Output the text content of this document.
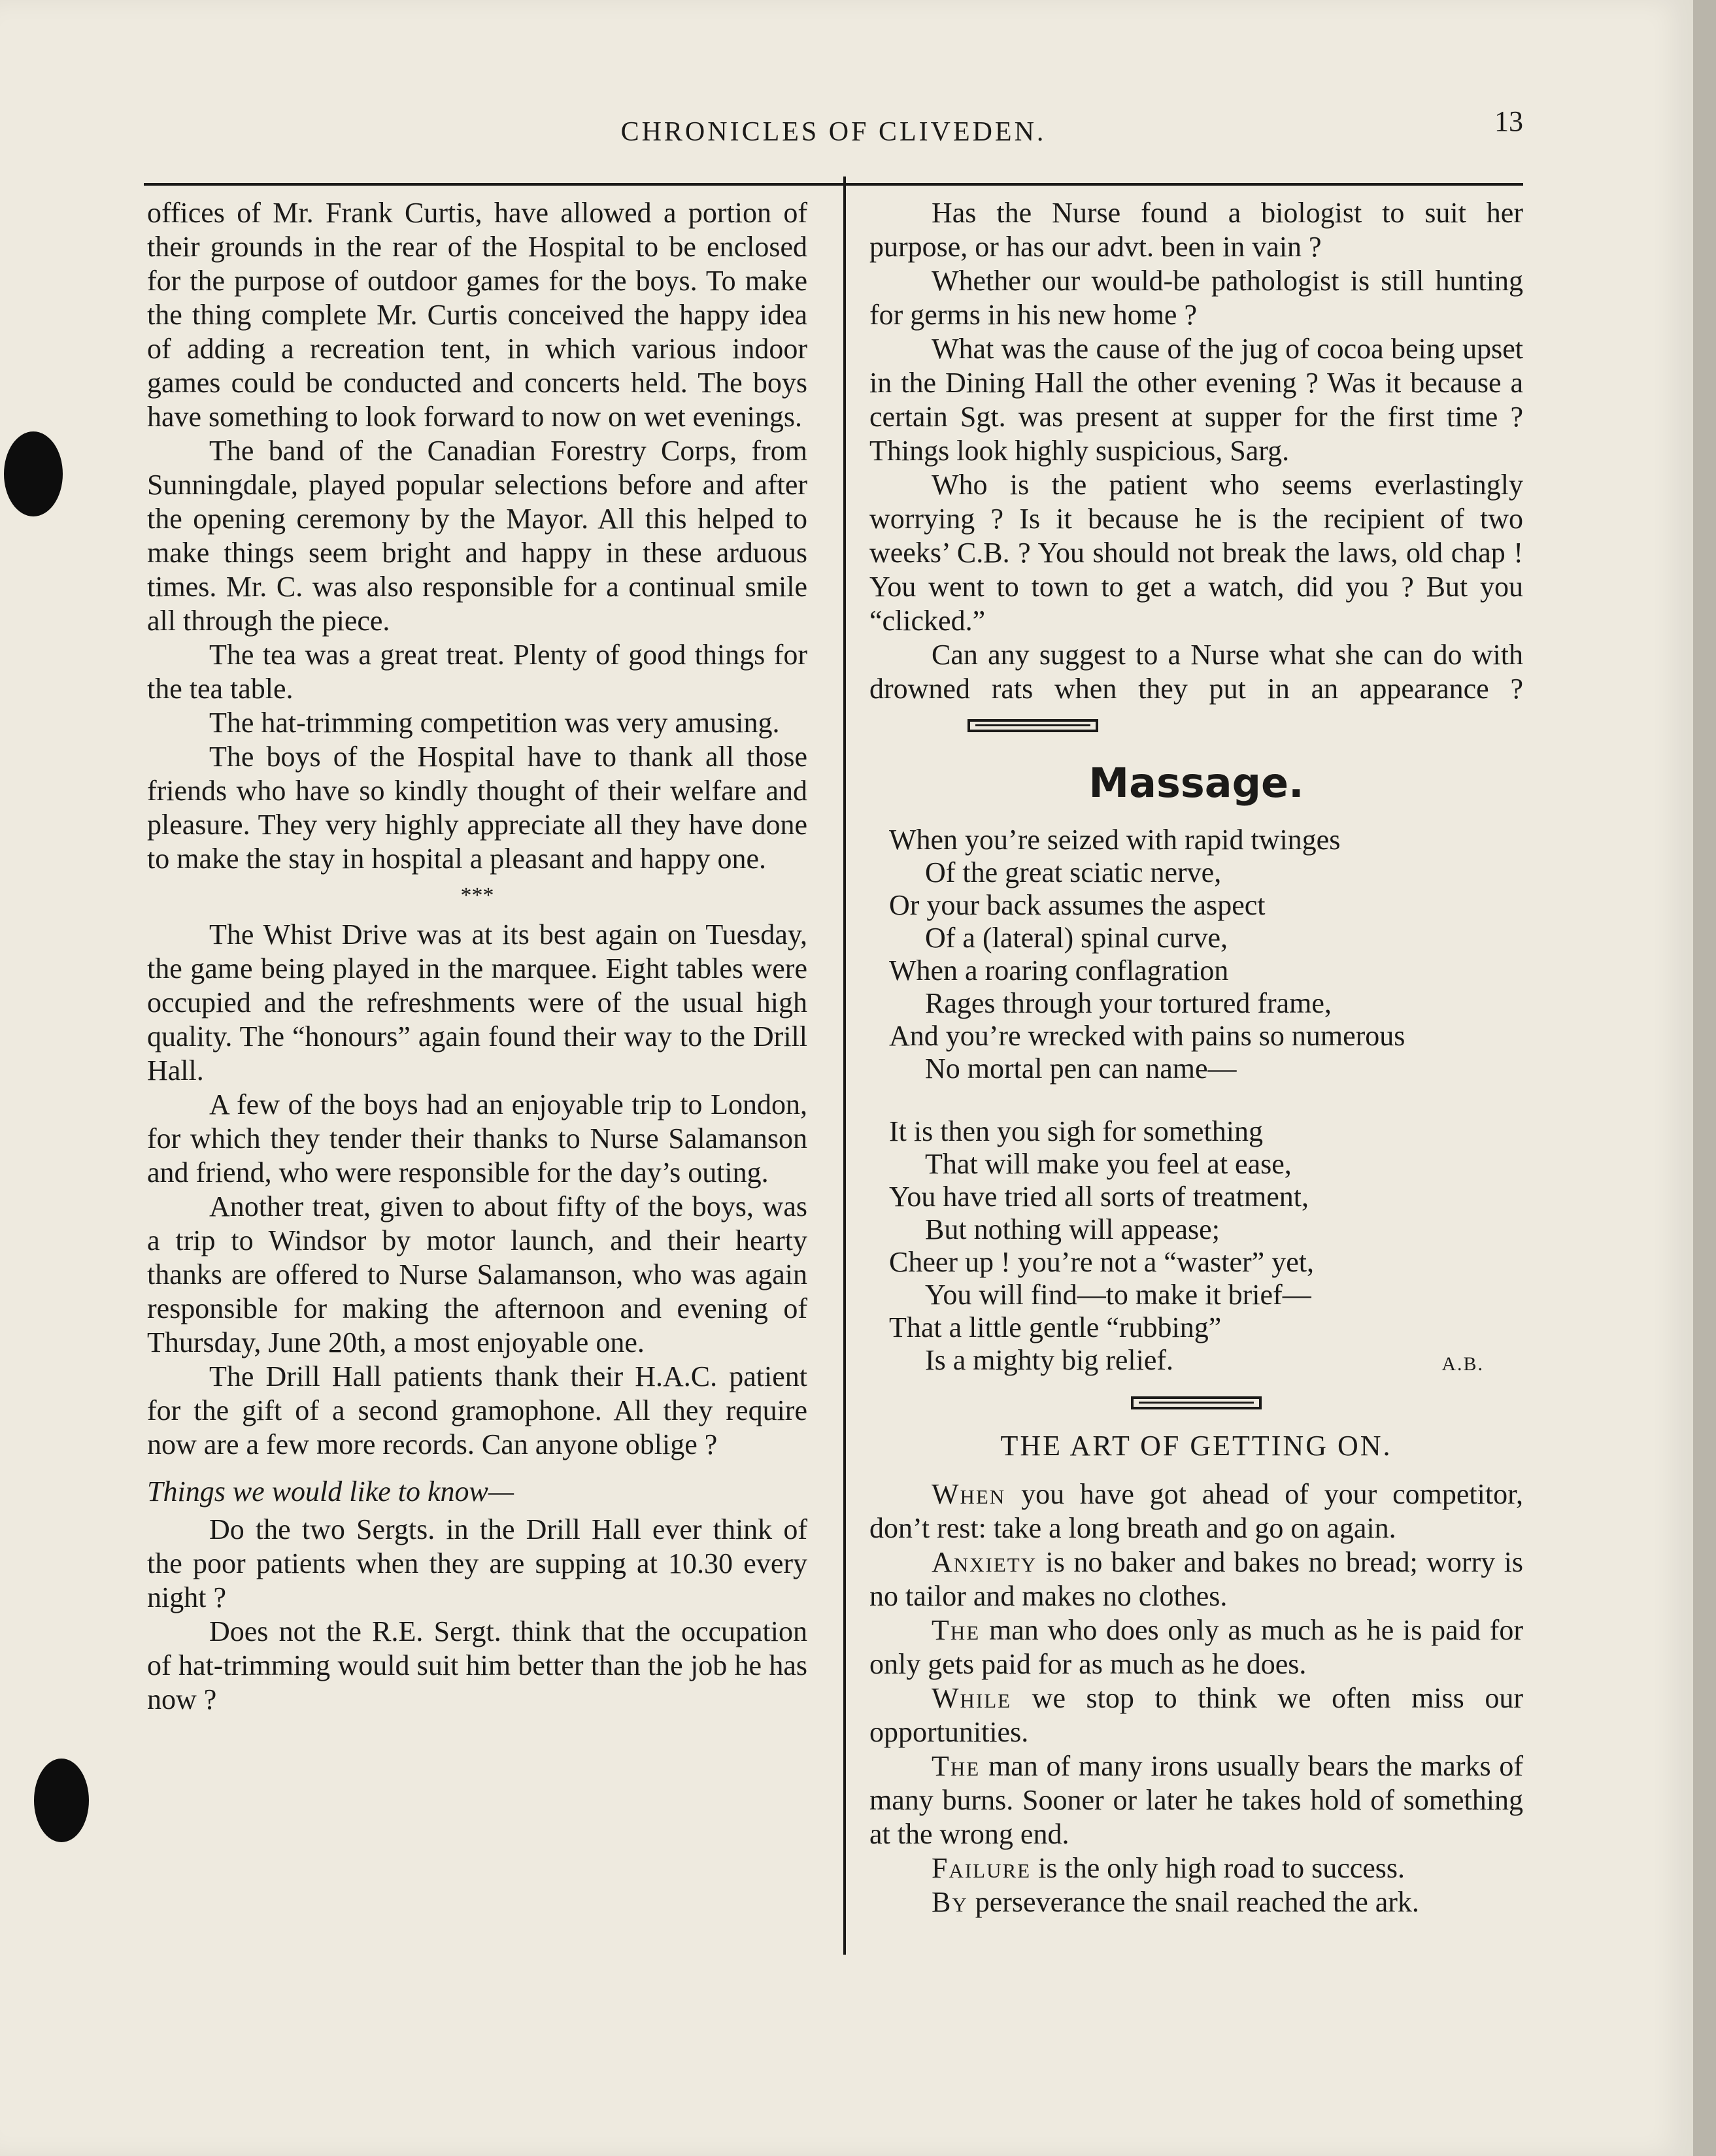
CHRONICLES OF CLIVEDEN.	13

offices of Mr. Frank Curtis, have allowed a portion of their grounds in the rear of the Hospital to be enclosed for the purpose of outdoor games for the boys. To make the thing complete Mr. Curtis conceived the happy idea of adding a recreation tent, in which various indoor games could be conducted and concerts held. The boys have something to look forward to now on wet evenings.

The band of the Canadian Forestry Corps, from Sunningdale, played popular selections before and after the opening ceremony by the Mayor. All this helped to make things seem bright and happy in these arduous times. Mr. C. was also responsible for a continual smile all through the piece.

The tea was a great treat. Plenty of good things for the tea table.

The hat-trimming competition was very amusing.

The boys of the Hospital have to thank all those friends who have so kindly thought of their welfare and pleasure. They very highly appreciate all they have done to make the stay in hospital a pleasant and happy one.

***

The Whist Drive was at its best again on Tuesday, the game being played in the marquee. Eight tables were occupied and the refreshments were of the usual high quality. The “honours” again found their way to the Drill Hall.

A few of the boys had an enjoyable trip to London, for which they tender their thanks to Nurse Salamanson and friend, who were responsible for the day’s outing.

Another treat, given to about fifty of the boys, was a trip to Windsor by motor launch, and their hearty thanks are offered to Nurse Salamanson, who was again responsible for making the afternoon and evening of Thursday, June 20th, a most enjoyable one.

The Drill Hall patients thank their H.A.C. patient for the gift of a second gramophone. All they require now are a few more records. Can anyone oblige ?

Things we would like to know—

Do the two Sergts. in the Drill Hall ever think of the poor patients when they are supping at 10.30 every night ?

Does not the R.E. Sergt. think that the occupation of hat-trimming would suit him better than the job he has now ?

Has the Nurse found a biologist to suit her purpose, or has our advt. been in vain ?

Whether our would-be pathologist is still hunting for germs in his new home ?

What was the cause of the jug of cocoa being upset in the Dining Hall the other evening ? Was it because a certain Sgt. was present at supper for the first time ? Things look highly suspicious, Sarg.

Who is the patient who seems everlastingly worrying ? Is it because he is the recipient of two weeks’ C.B. ? You should not break the laws, old chap ! You went to town to get a watch, did you ? But you “clicked.”

Can any suggest to a Nurse what she can do with drowned rats when they put in an appearance ?

Massage.
When you’re seized with rapid twinges
Of the great sciatic nerve,
Or your back assumes the aspect
Of a (lateral) spinal curve,
When a roaring conflagration
Rages through your tortured frame,
And you’re wrecked with pains so numerous
No mortal pen can name—
It is then you sigh for something
That will make you feel at ease,
You have tried all sorts of treatment,
But nothing will appease;
Cheer up ! you’re not a “waster” yet,
You will find—to make it brief—
That a little gentle “rubbing”
Is a mighty big relief.	A.B.
THE ART OF GETTING ON.

When you have got ahead of your competitor, don’t rest: take a long breath and go on again.

Anxiety is no baker and bakes no bread; worry is no tailor and makes no clothes.

The man who does only as much as he is paid for only gets paid for as much as he does.

While we stop to think we often miss our opportunities.

The man of many irons usually bears the marks of many burns. Sooner or later he takes hold of something at the wrong end.

Failure is the only high road to success.

By perseverance the snail reached the ark.
